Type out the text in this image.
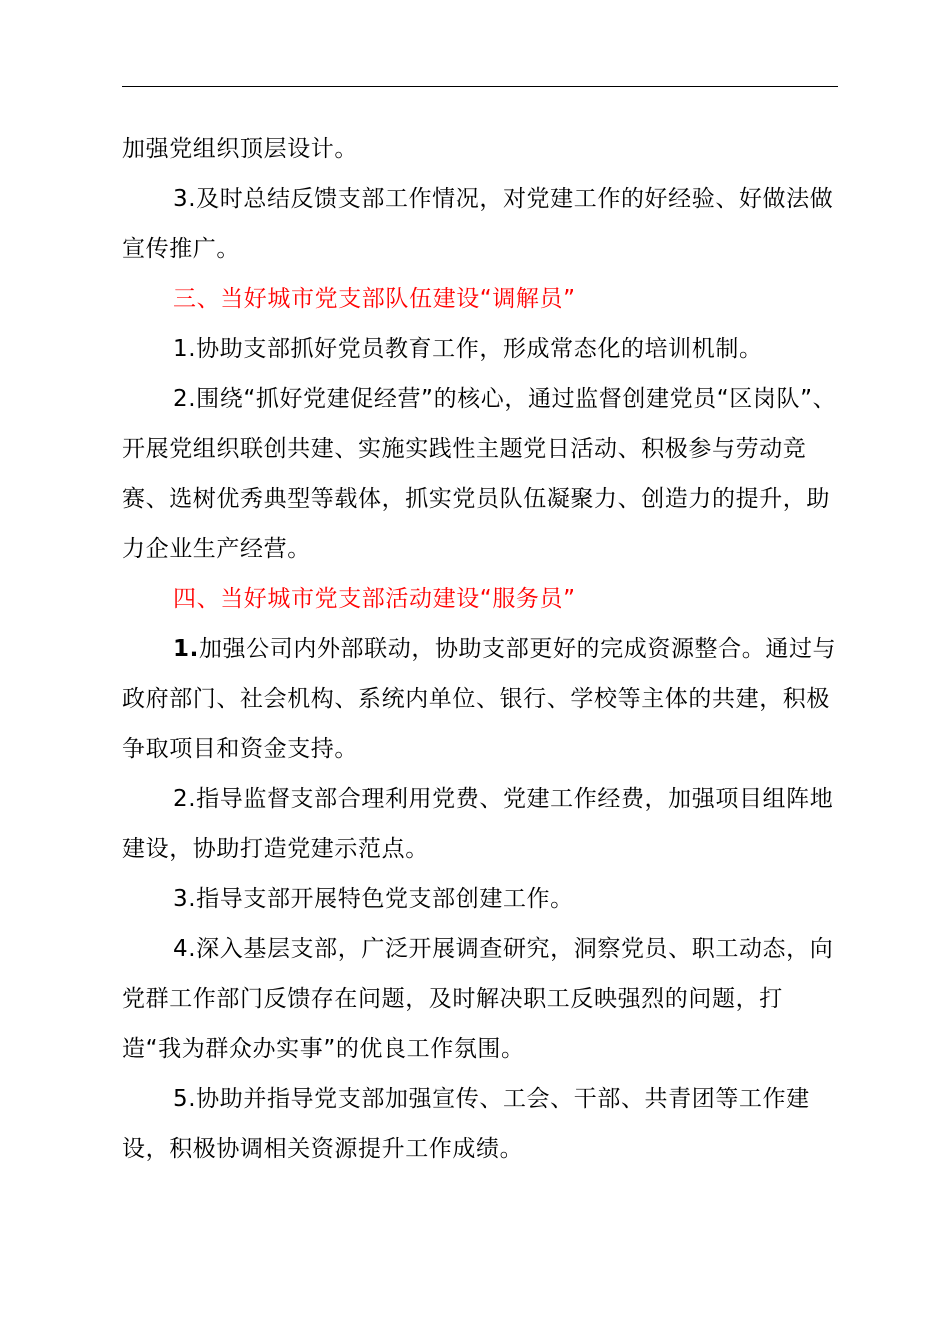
加强党组织顶层设计。

3.及时总结反馈支部工作情况，对党建工作的好经验、好做法做宣传推广。

三、当好城市党支部队伍建设“调解员”

1.协助支部抓好党员教育工作，形成常态化的培训机制。

2.围绕“抓好党建促经营”的核心，通过监督创建党员“区岗队”、开展党组织联创共建、实施实践性主题党日活动、积极参与劳动竞赛、选树优秀典型等载体，抓实党员队伍凝聚力、创造力的提升，助力企业生产经营。

四、当好城市党支部活动建设“服务员”

1.加强公司内外部联动，协助支部更好的完成资源整合。通过与政府部门、社会机构、系统内单位、银行、学校等主体的共建，积极争取项目和资金支持。

2.指导监督支部合理利用党费、党建工作经费，加强项目组阵地建设，协助打造党建示范点。

3.指导支部开展特色党支部创建工作。

4.深入基层支部，广泛开展调查研究，洞察党员、职工动态，向党群工作部门反馈存在问题，及时解决职工反映强烈的问题，打造“我为群众办实事”的优良工作氛围。

5.协助并指导党支部加强宣传、工会、干部、共青团等工作建设，积极协调相关资源提升工作成绩。
